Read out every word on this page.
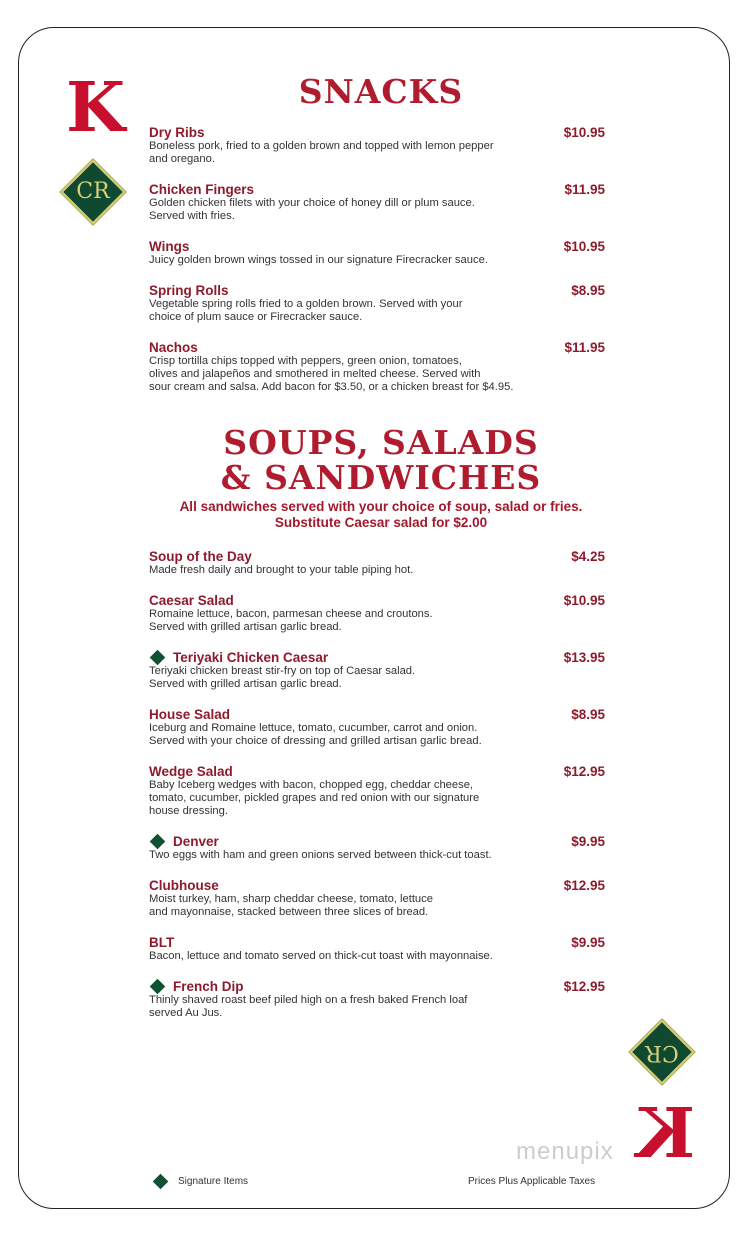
K
CR
SNACKS
Dry Ribs	$10.95
Boneless pork, fried to a golden brown and topped with lemon pepper
and oregano.
Chicken Fingers	$11.95
Golden chicken filets with your choice of honey dill or plum sauce.
Served with fries.
Wings	$10.95
Juicy golden brown wings tossed in our signature Firecracker sauce.
Spring Rolls	$8.95
Vegetable spring rolls fried to a golden brown. Served with your
choice of plum sauce or Firecracker sauce.
Nachos	$11.95
Crisp tortilla chips topped with peppers, green onion, tomatoes,
olives and jalapeños and smothered in melted cheese. Served with
sour cream and salsa. Add bacon for $3.50, or a chicken breast for $4.95.
SOUPS, SALADS
& SANDWICHES
All sandwiches served with your choice of soup, salad or fries.
Substitute Caesar salad for $2.00
Soup of the Day	$4.25
Made fresh daily and brought to your table piping hot.
Caesar Salad	$10.95
Romaine lettuce, bacon, parmesan cheese and croutons.
Served with grilled artisan garlic bread.
Teriyaki Chicken Caesar	$13.95
Teriyaki chicken breast stir-fry on top of Caesar salad.
Served with grilled artisan garlic bread.
House Salad	$8.95
Iceburg and Romaine lettuce, tomato, cucumber, carrot and onion.
Served with your choice of dressing and grilled artisan garlic bread.
Wedge Salad	$12.95
Baby Iceberg wedges with bacon, chopped egg, cheddar cheese,
tomato, cucumber, pickled grapes and red onion with our signature
house dressing.
Denver	$9.95
Two eggs with ham and green onions served between thick-cut toast.
Clubhouse	$12.95
Moist turkey, ham, sharp cheddar cheese, tomato, lettuce
and mayonnaise, stacked between three slices of bread.
BLT	$9.95
Bacon, lettuce and tomato served on thick-cut toast with mayonnaise.
French Dip	$12.95
Thinly shaved roast beef piled high on a fresh baked French loaf
served Au Jus.
CR
menupix K
Signature Items	Prices Plus Applicable Taxes
